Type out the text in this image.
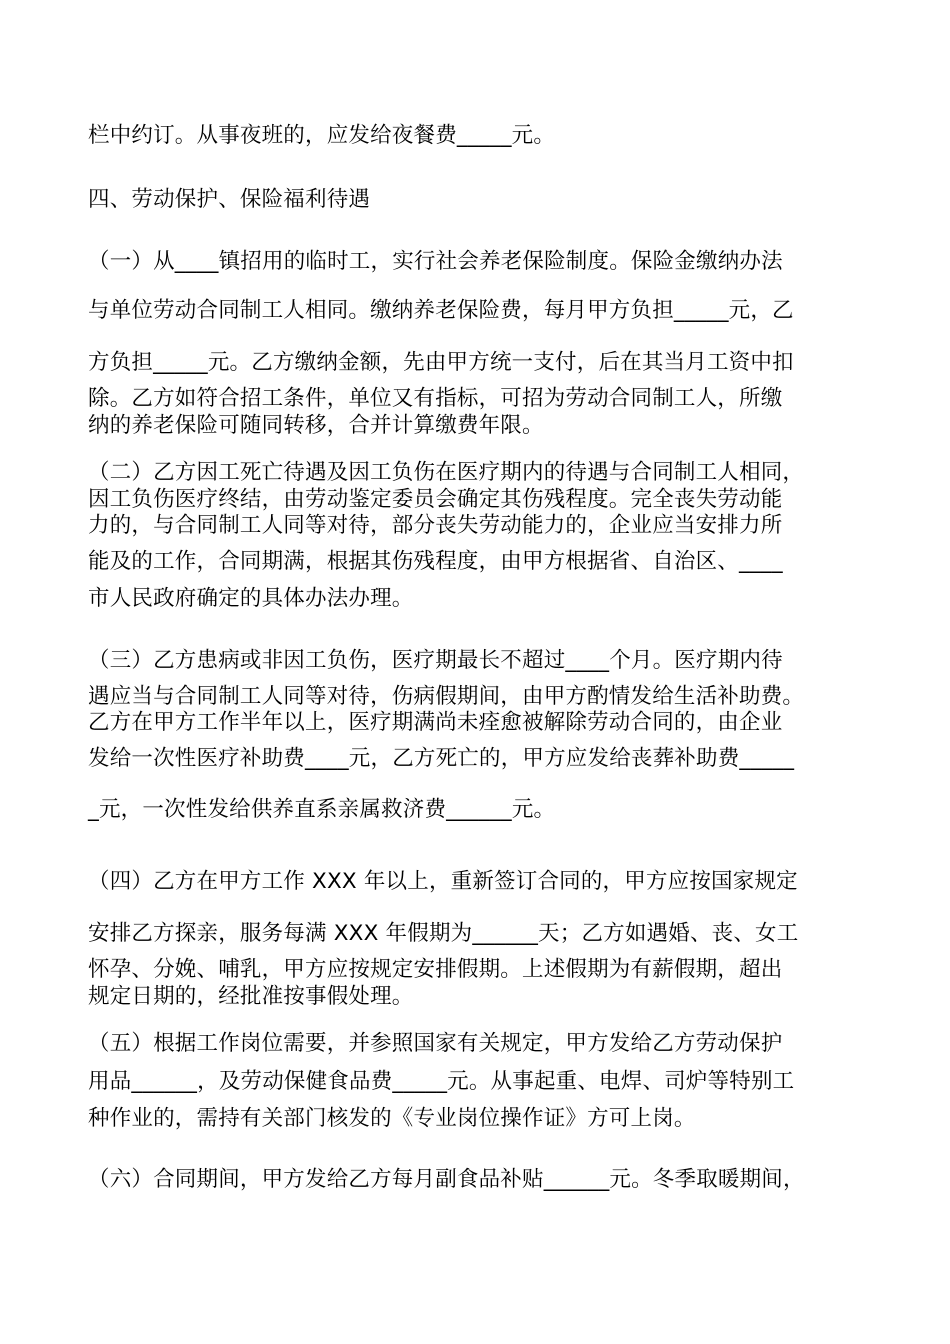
栏中约订。从事夜班的，应发给夜餐费_____元。
四、劳动保护、保险福利待遇
（一）从____镇招用的临时工，实行社会养老保险制度。保险金缴纳办法
与单位劳动合同制工人相同。缴纳养老保险费，每月甲方负担_____元，乙
方负担_____元。乙方缴纳金额，先由甲方统一支付，后在其当月工资中扣
除。乙方如符合招工条件，单位又有指标，可招为劳动合同制工人，所缴
纳的养老保险可随同转移，合并计算缴费年限。
（二）乙方因工死亡待遇及因工负伤在医疗期内的待遇与合同制工人相同，
因工负伤医疗终结，由劳动鉴定委员会确定其伤残程度。完全丧失劳动能
力的，与合同制工人同等对待，部分丧失劳动能力的，企业应当安排力所
能及的工作，合同期满，根据其伤残程度，由甲方根据省、自治区、____
市人民政府确定的具体办法办理。
（三）乙方患病或非因工负伤，医疗期最长不超过____个月。医疗期内待
遇应当与合同制工人同等对待，伤病假期间，由甲方酌情发给生活补助费。
乙方在甲方工作半年以上，医疗期满尚未痊愈被解除劳动合同的，由企业
发给一次性医疗补助费____元，乙方死亡的，甲方应发给丧葬补助费_____
_元，一次性发给供养直系亲属救济费______元。
（四）乙方在甲方工作 XXX 年以上，重新签订合同的，甲方应按国家规定
安排乙方探亲，服务每满 XXX 年假期为______天；乙方如遇婚、丧、女工
怀孕、分娩、哺乳，甲方应按规定安排假期。上述假期为有薪假期，超出
规定日期的，经批准按事假处理。
（五）根据工作岗位需要，并参照国家有关规定，甲方发给乙方劳动保护
用品______，及劳动保健食品费_____元。从事起重、电焊、司炉等特别工
种作业的，需持有关部门核发的《专业岗位操作证》方可上岗。
（六）合同期间，甲方发给乙方每月副食品补贴______元。冬季取暖期间，
